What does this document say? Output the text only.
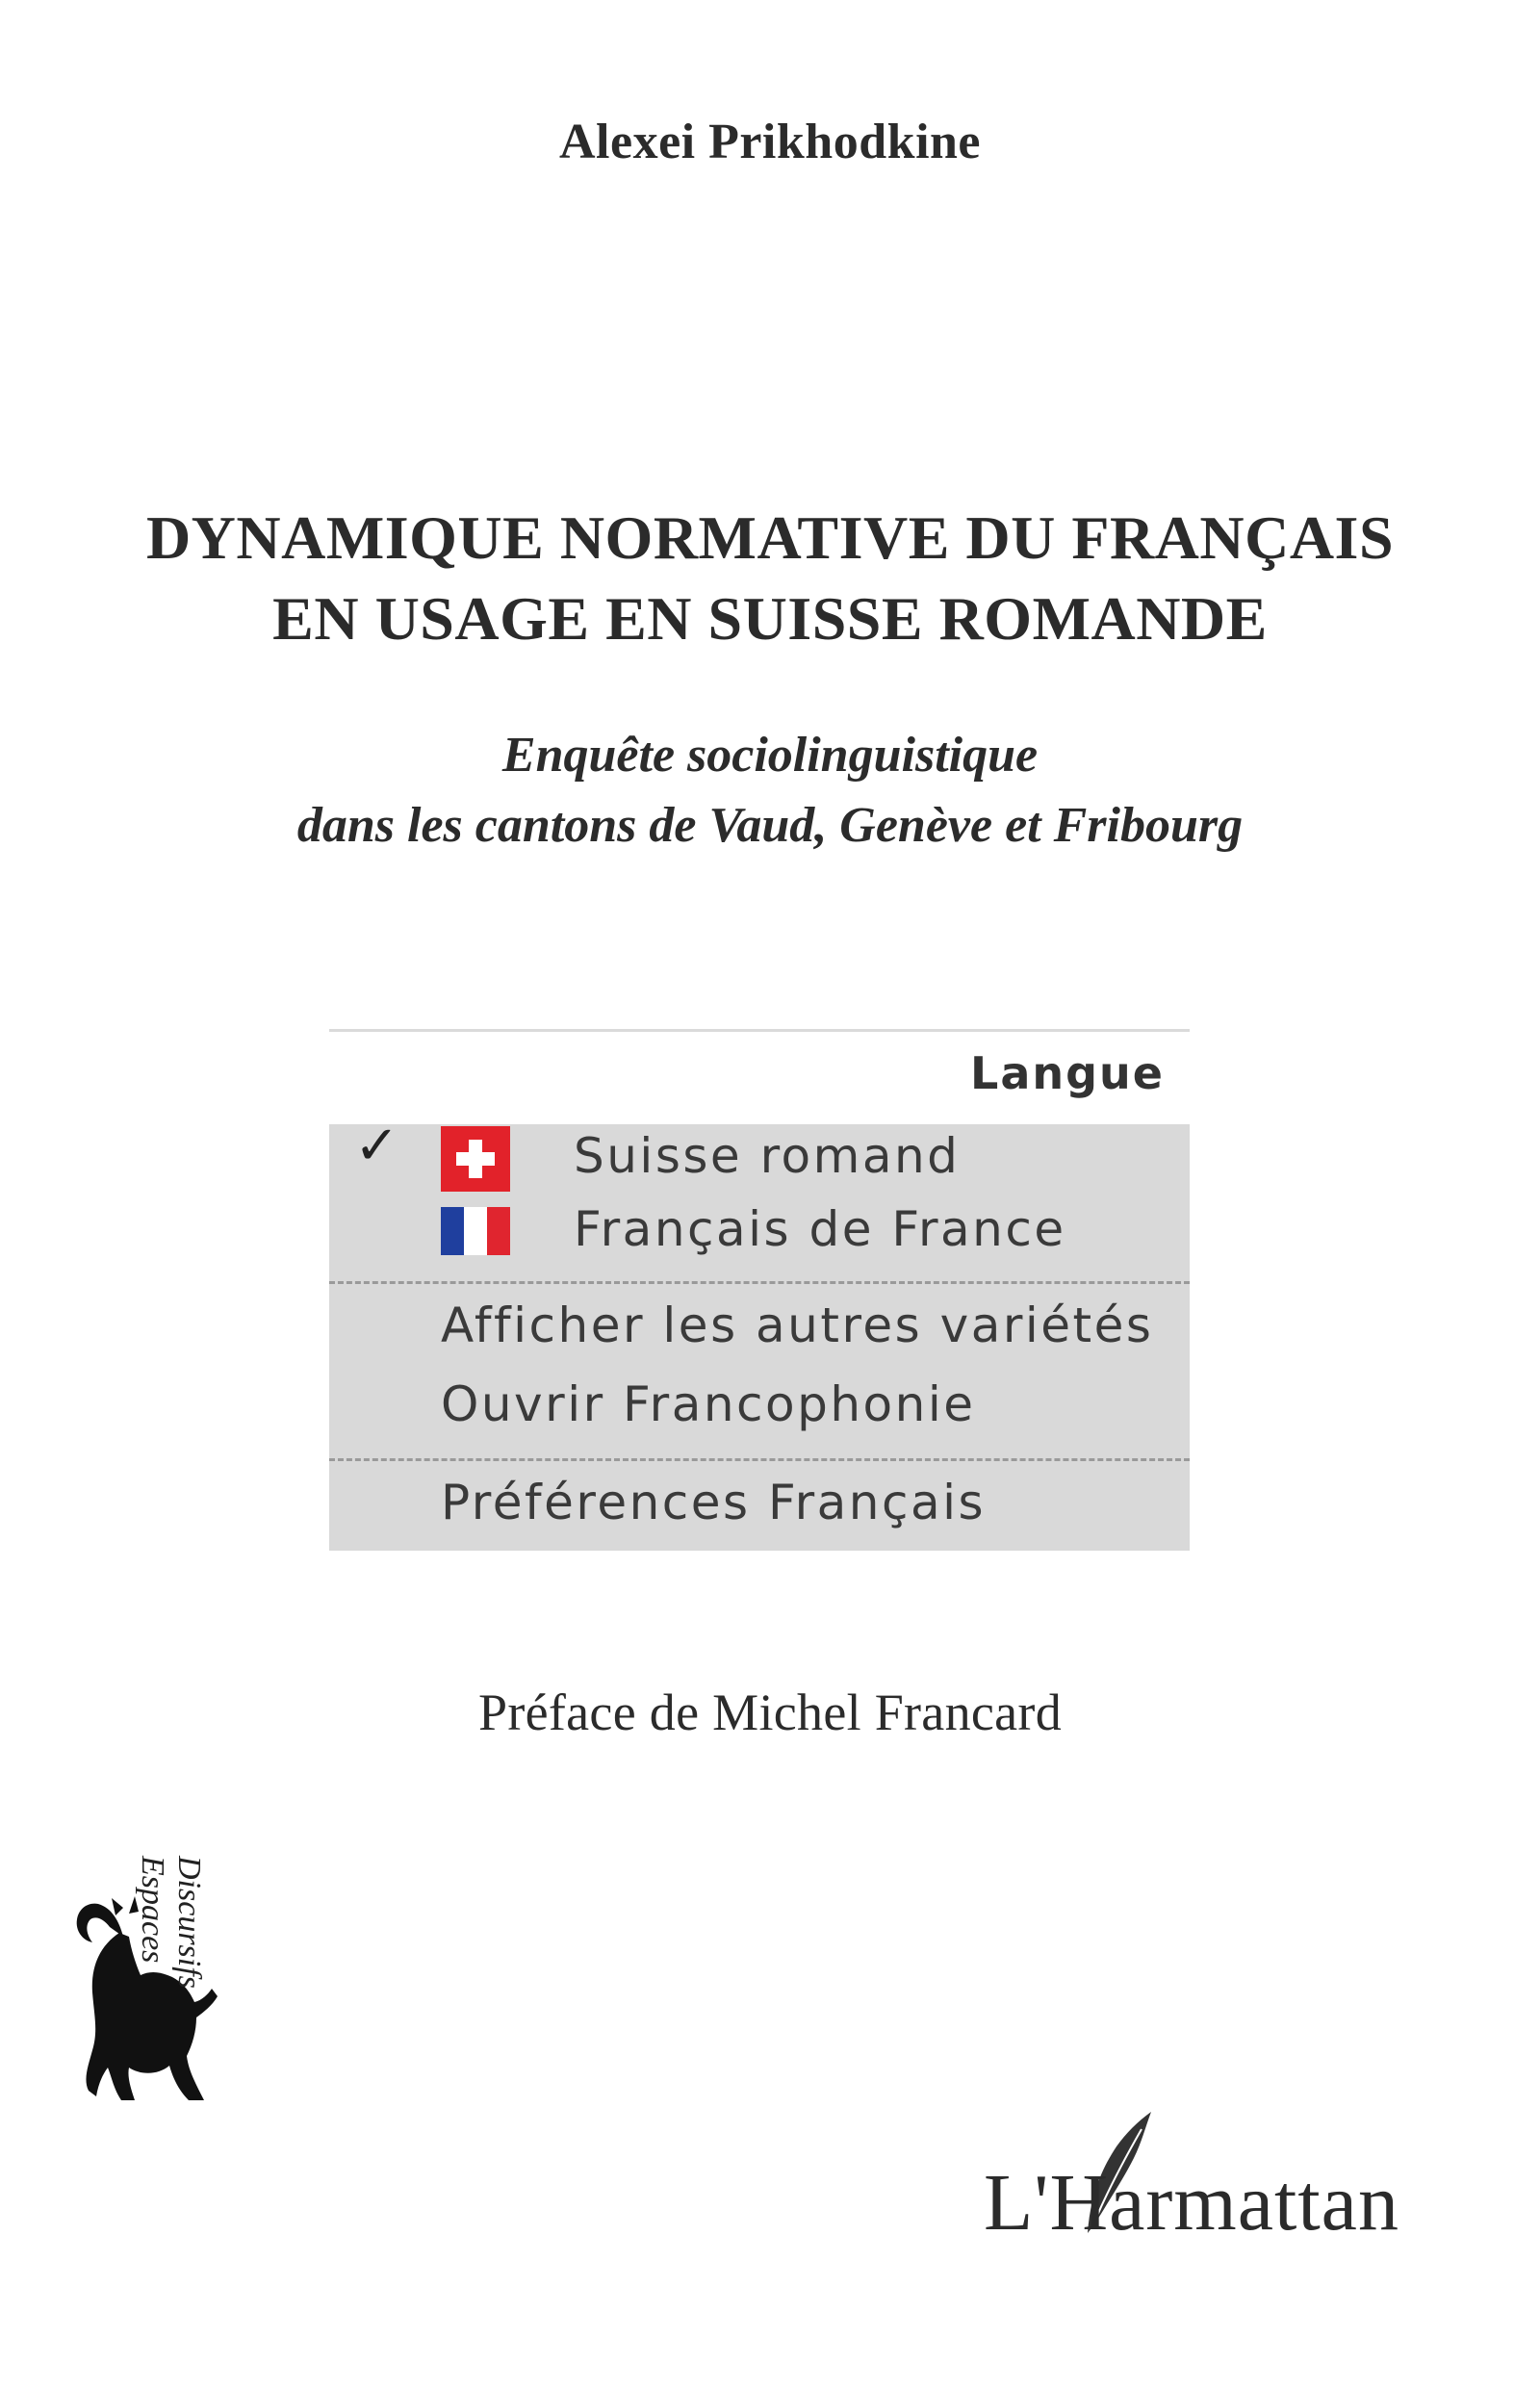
Alexei Prikhodkine
DYNAMIQUE NORMATIVE DU FRANÇAIS
EN USAGE EN SUISSE ROMANDE
Enquête sociolinguistique
dans les cantons de Vaud, Genève et Fribourg
Langue
✓	Suisse romand
Français de France
Afficher les autres variétés
Ouvrir Francophonie
Préférences Français
Préface de Michel Francard
Espaces Discursifs
L'Harmattan
